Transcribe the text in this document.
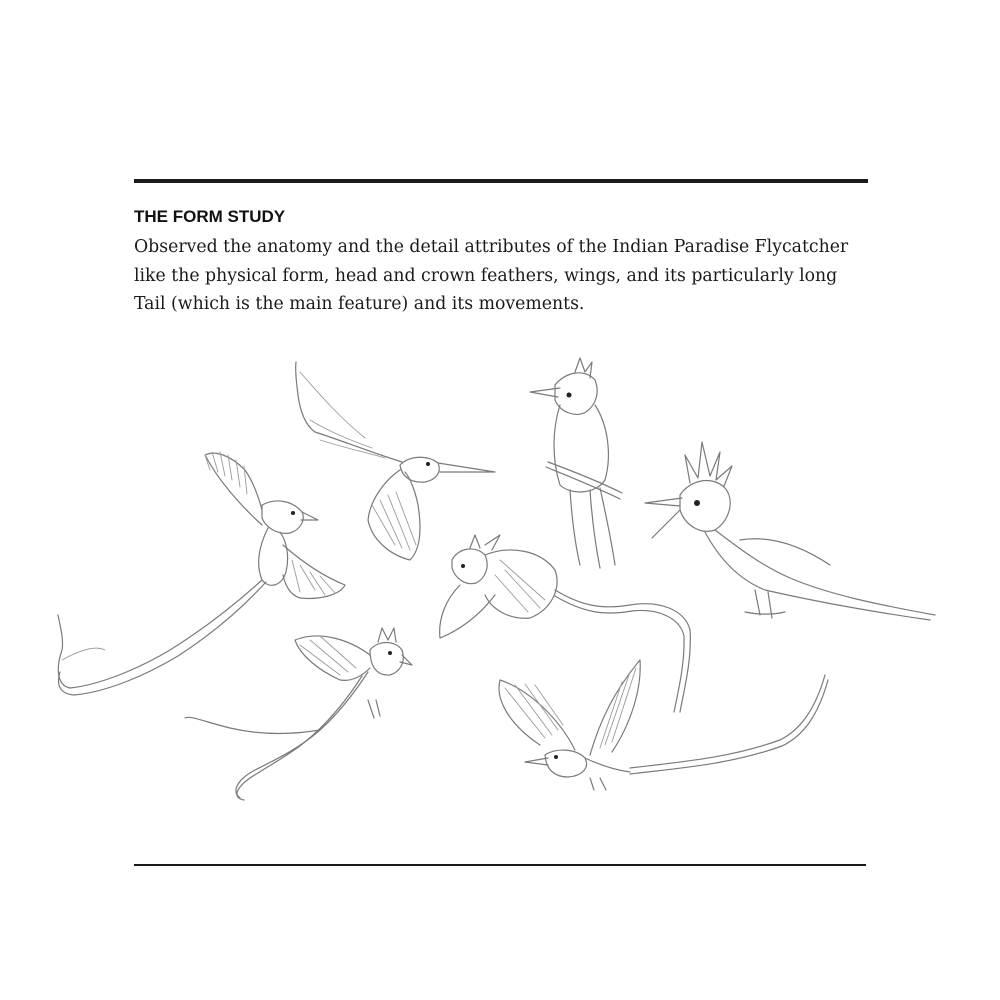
THE FORM STUDY
Observed the anatomy and the detail attributes of the Indian Paradise Flycatcher
like the physical form, head and crown feathers, wings, and its particularly long
Tail (which is the main feature) and its movements.
